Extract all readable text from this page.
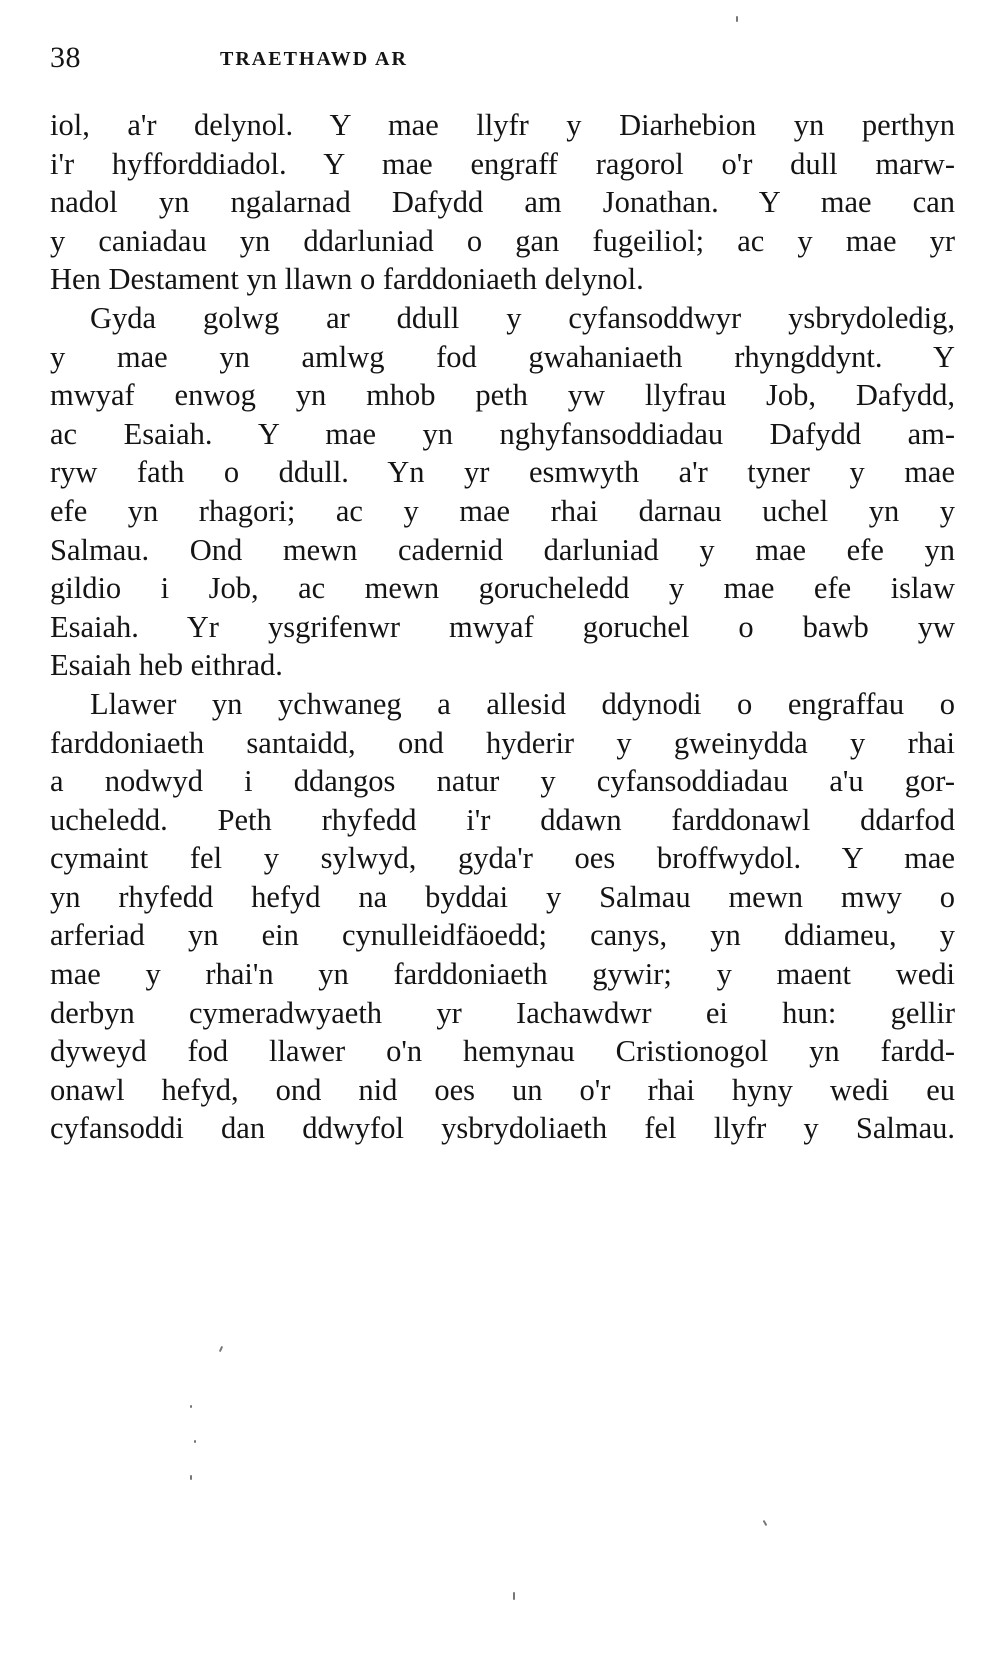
38	TRAETHAWD AR
iol, a'r delynol. Y mae llyfr y Diarhebion yn perthyn
i'r hyfforddiadol. Y mae engraff ragorol o'r dull marw-
nadol yn ngalarnad Dafydd am Jonathan. Y mae can
y caniadau yn ddarluniad o gan fugeiliol; ac y mae yr
Hen Destament yn llawn o farddoniaeth delynol.
Gyda golwg ar ddull y cyfansoddwyr ysbrydoledig,
y mae yn amlwg fod gwahaniaeth rhyngddynt. Y
mwyaf enwog yn mhob peth yw llyfrau Job, Dafydd,
ac Esaiah. Y mae yn nghyfansoddiadau Dafydd am-
ryw fath o ddull. Yn yr esmwyth a'r tyner y mae
efe yn rhagori; ac y mae rhai darnau uchel yn y
Salmau. Ond mewn cadernid darluniad y mae efe yn
gildio i Job, ac mewn gorucheledd y mae efe islaw
Esaiah. Yr ysgrifenwr mwyaf goruchel o bawb yw
Esaiah heb eithrad.
Llawer yn ychwaneg a allesid ddynodi o engraffau o
farddoniaeth santaidd, ond hyderir y gweinydda y rhai
a nodwyd i ddangos natur y cyfansoddiadau a'u gor-
ucheledd. Peth rhyfedd i'r ddawn farddonawl ddarfod
cymaint fel y sylwyd, gyda'r oes broffwydol. Y mae
yn rhyfedd hefyd na byddai y Salmau mewn mwy o
arferiad yn ein cynulleidfäoedd; canys, yn ddiameu, y
mae y rhai'n yn farddoniaeth gywir; y maent wedi
derbyn cymeradwyaeth yr Iachawdwr ei hun: gellir
dyweyd fod llawer o'n hemynau Cristionogol yn fardd-
onawl hefyd, ond nid oes un o'r rhai hyny wedi eu
cyfansoddi dan ddwyfol ysbrydoliaeth fel llyfr y Salmau.
